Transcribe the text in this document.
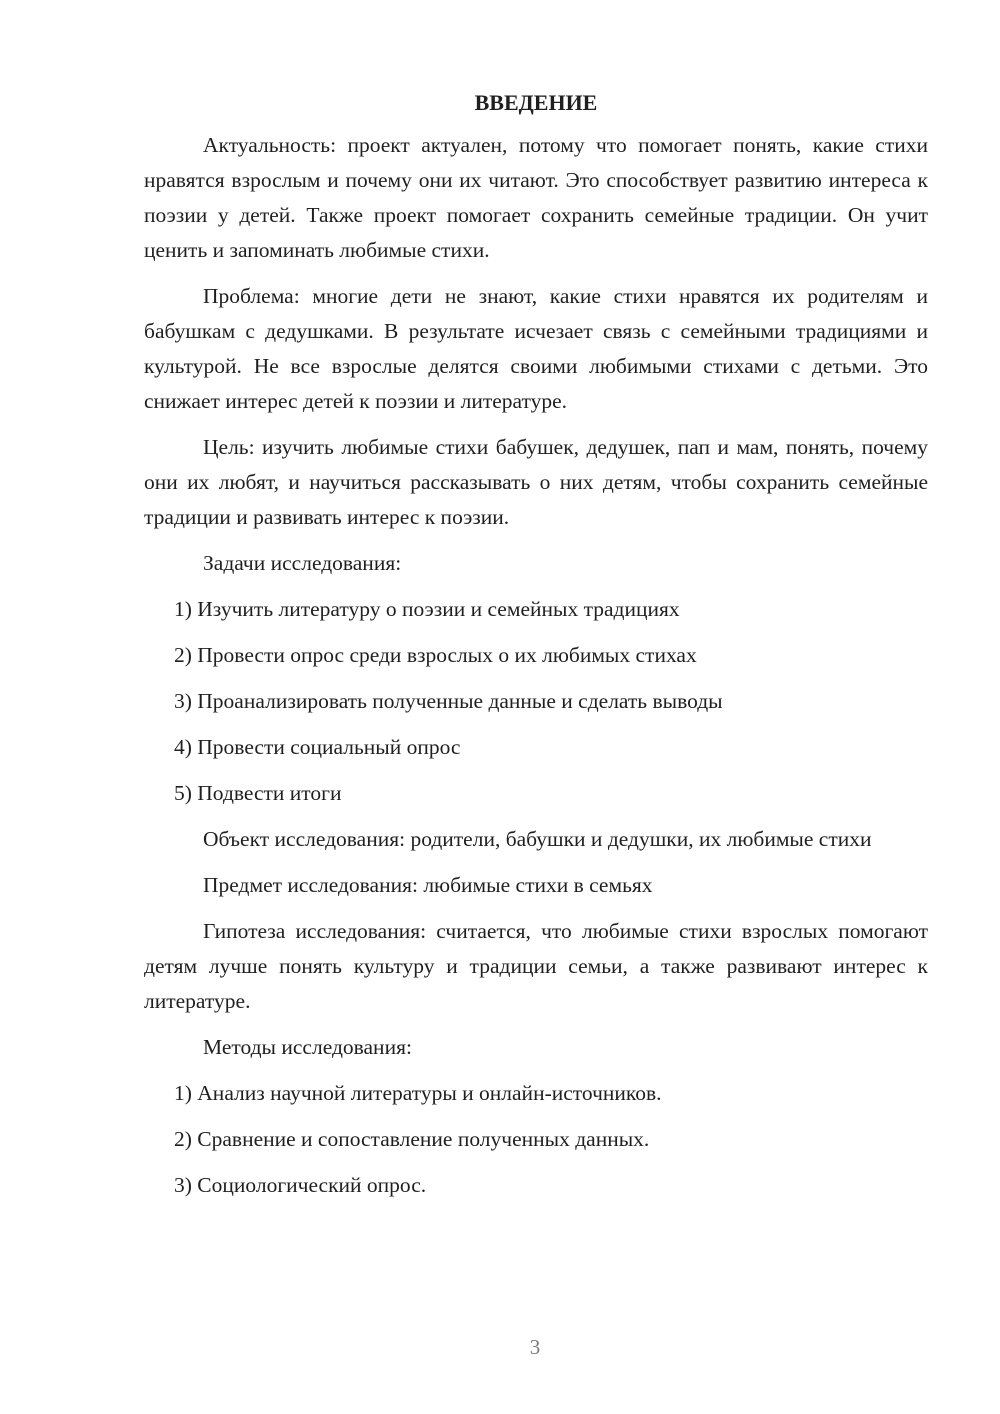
ВВЕДЕНИЕ

Актуальность: проект актуален, потому что помогает понять, какие стихи нравятся взрослым и почему они их читают. Это способствует развитию интереса к поэзии у детей. Также проект помогает сохранить семейные традиции. Он учит ценить и запоминать любимые стихи.

Проблема: многие дети не знают, какие стихи нравятся их родителям и бабушкам с дедушками. В результате исчезает связь с семейными традициями и культурой. Не все взрослые делятся своими любимыми стихами с детьми. Это снижает интерес детей к поэзии и литературе.

Цель: изучить любимые стихи бабушек, дедушек, пап и мам, понять, почему они их любят, и научиться рассказывать о них детям, чтобы сохранить семейные традиции и развивать интерес к поэзии.

Задачи исследования:

1) Изучить литературу о поэзии и семейных традициях

2) Провести опрос среди взрослых о их любимых стихах

3) Проанализировать полученные данные и сделать выводы

4) Провести социальный опрос

5) Подвести итоги

Объект исследования: родители, бабушки и дедушки, их любимые стихи

Предмет исследования: любимые стихи в семьях

Гипотеза исследования: считается, что любимые стихи взрослых помогают детям лучше понять культуру и традиции семьи, а также развивают интерес к литературе.

Методы исследования:

1) Анализ научной литературы и онлайн-источников.

2) Сравнение и сопоставление полученных данных.

3) Социологический опрос.

3
